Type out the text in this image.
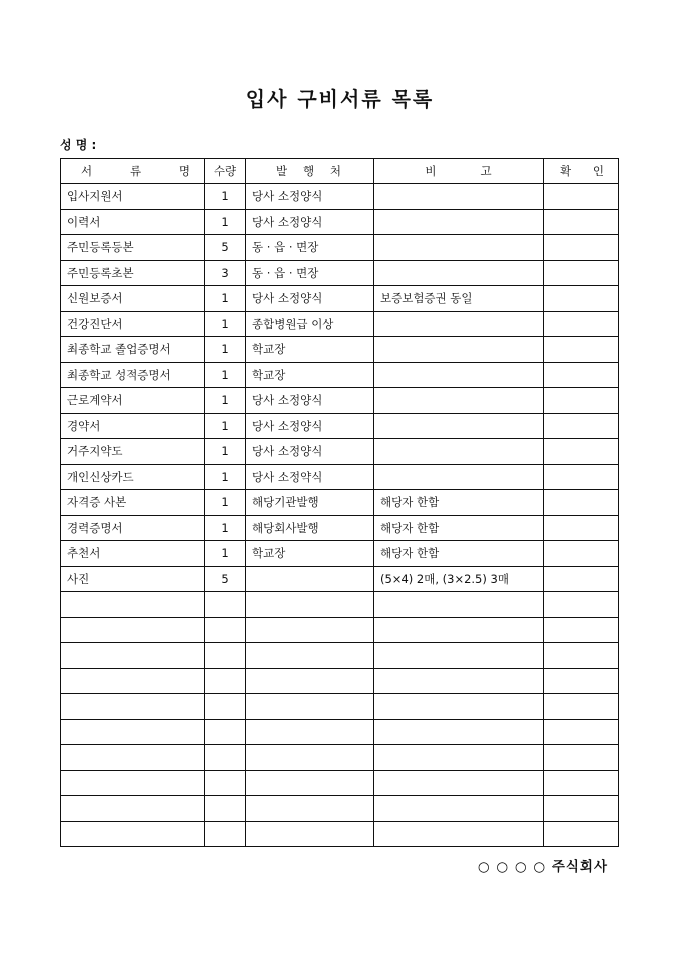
입사 구비서류 목록
성 명 :
서 류 명	수량	발 행 처	비 고	확 인

입사지원서	1	당사 소정양식		
이력서	1	당사 소정양식		
주민등록등본	5	동 · 읍 · 면장		
주민등록초본	3	동 · 읍 · 면장		
신원보증서	1	당사 소정양식	보증보험증권 동일	
건강진단서	1	종합병원급 이상		
최종학교 졸업증명서	1	학교장		
최종학교 성적증명서	1	학교장		
근로계약서	1	당사 소정양식		
경약서	1	당사 소정양식		
거주지약도	1	당사 소정양식		
개인신상카드	1	당사 소정약식		
자격증 사본	1	해당기관발행	해당자 한함	
경력증명서	1	해당회사발행	해당자 한함	
추천서	1	학교장	해당자 한함	
사진	5		(5×4) 2매, (3×2.5) 3매	

○ ○ ○ ○ 주식회사
